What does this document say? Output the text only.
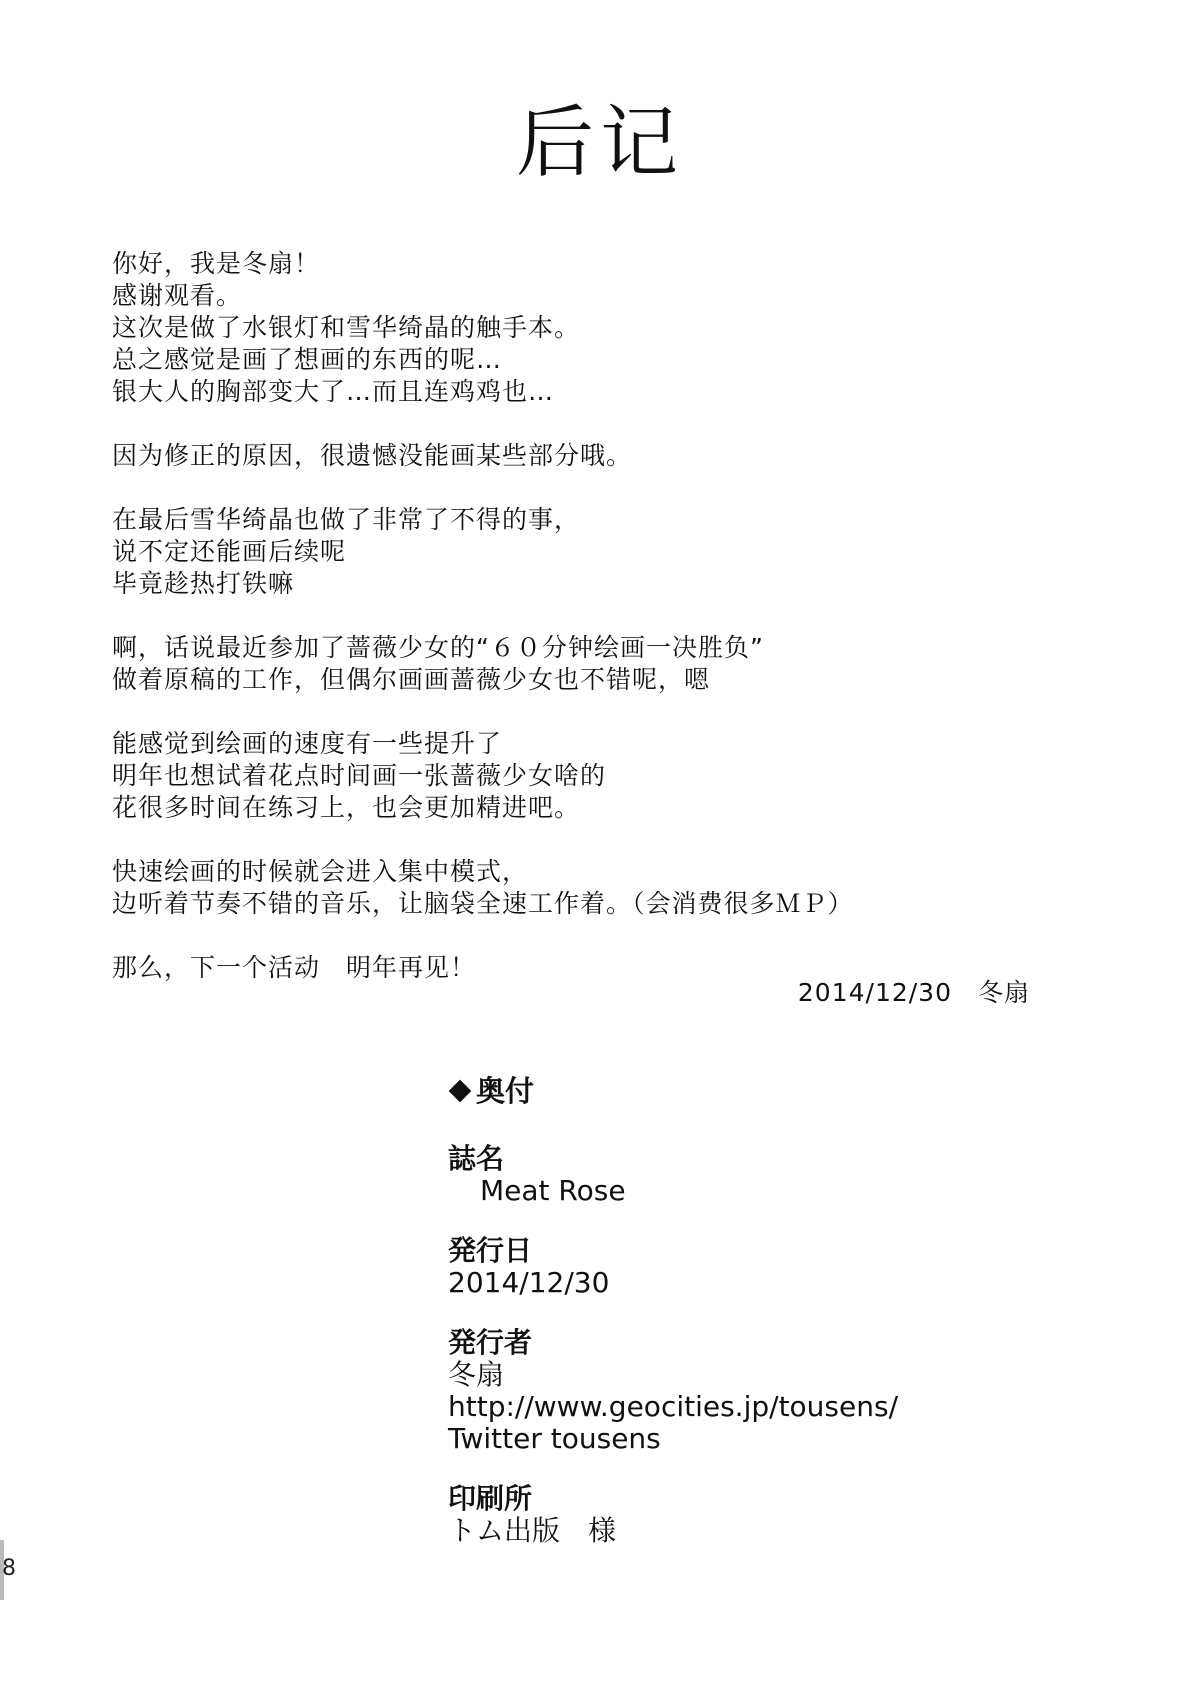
后记
你好，我是冬扇！
感谢观看。
这次是做了水银灯和雪华绮晶的触手本。
总之感觉是画了想画的东西的呢…
银大人的胸部变大了…而且连鸡鸡也…
因为修正的原因，很遗憾没能画某些部分哦。
在最后雪华绮晶也做了非常了不得的事，
说不定还能画后续呢
毕竟趁热打铁嘛
啊，话说最近参加了蔷薇少女的“６０分钟绘画一决胜负”
做着原稿的工作，但偶尔画画蔷薇少女也不错呢，嗯
能感觉到绘画的速度有一些提升了
明年也想试着花点时间画一张蔷薇少女啥的
花很多时间在练习上，也会更加精进吧。
快速绘画的时候就会进入集中模式，
边听着节奏不错的音乐，让脑袋全速工作着。（会消费很多ＭＰ）
那么，下一个活动　明年再见！
2014/12/30　冬扇
奥付
誌名
Meat Rose
発行日
2014/12/30
発行者
冬扇
http://www.geocities.jp/tousens/
Twitter tousens
印刷所
トム出版　様
8
